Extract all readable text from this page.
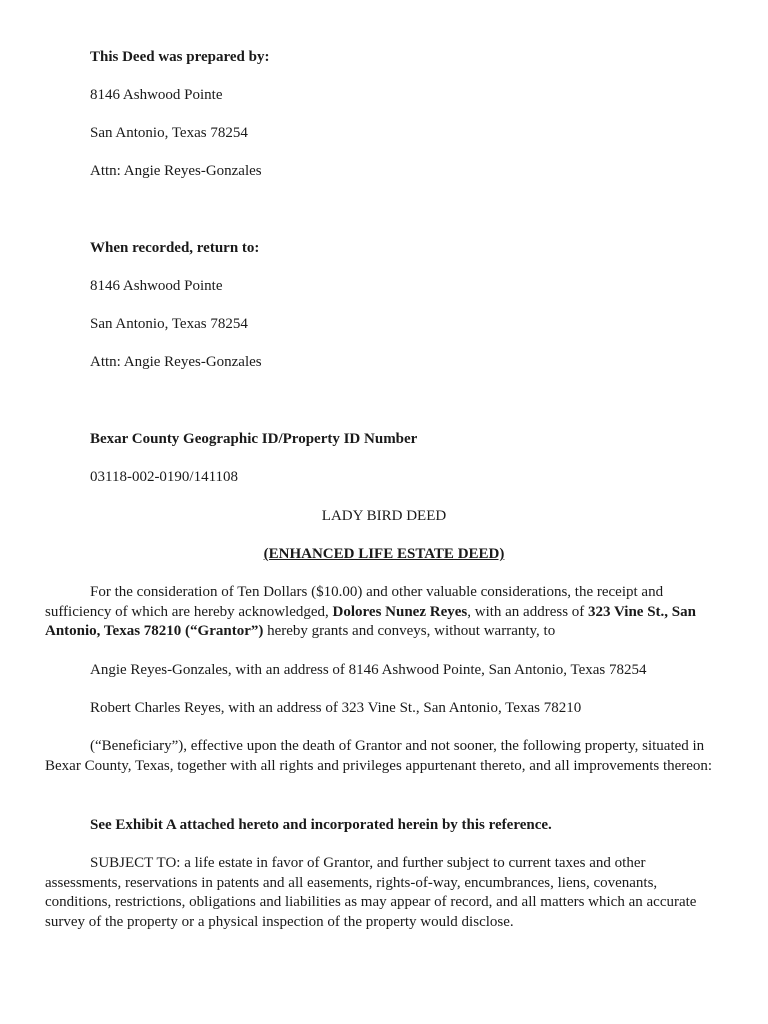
This Deed was prepared by:
8146 Ashwood Pointe
San Antonio, Texas 78254
Attn: Angie Reyes-Gonzales
When recorded, return to:
8146 Ashwood Pointe
San Antonio, Texas 78254
Attn: Angie Reyes-Gonzales
Bexar County Geographic ID/Property ID Number
03118-002-0190/141108
LADY BIRD DEED
(ENHANCED LIFE ESTATE DEED)
For the consideration of Ten Dollars ($10.00) and other valuable considerations, the receipt and sufficiency of which are hereby acknowledged, Dolores Nunez Reyes, with an address of 323 Vine St., San Antonio, Texas 78210 (“Grantor”) hereby grants and conveys, without warranty, to
Angie Reyes-Gonzales, with an address of 8146 Ashwood Pointe, San Antonio, Texas 78254
Robert Charles Reyes, with an address of 323 Vine St., San Antonio, Texas 78210
(“Beneficiary”), effective upon the death of Grantor and not sooner, the following property, situated in Bexar County, Texas, together with all rights and privileges appurtenant thereto, and all improvements thereon:
See Exhibit A attached hereto and incorporated herein by this reference.
SUBJECT TO: a life estate in favor of Grantor, and further subject to current taxes and other assessments, reservations in patents and all easements, rights-of-way, encumbrances, liens, covenants, conditions, restrictions, obligations and liabilities as may appear of record, and all matters which an accurate survey of the property or a physical inspection of the property would disclose.
